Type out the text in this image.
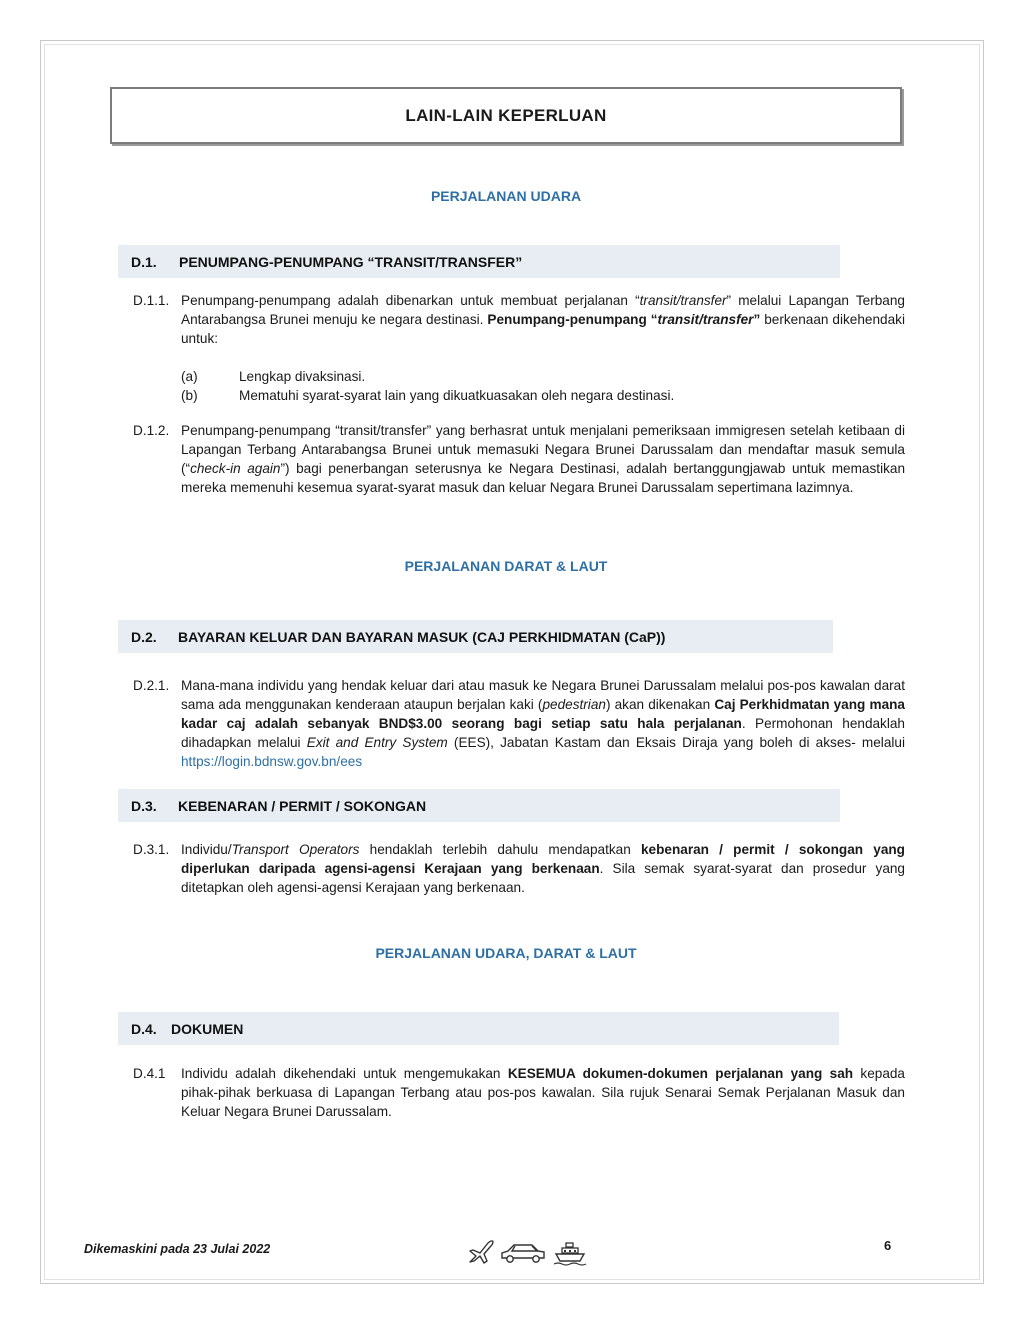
LAIN-LAIN KEPERLUAN
PERJALANAN UDARA
D.1.	PENUMPANG-PENUMPANG “TRANSIT/TRANSFER”
D.1.1. Penumpang-penumpang adalah dibenarkan untuk membuat perjalanan “transit/transfer” melalui Lapangan Terbang Antarabangsa Brunei menuju ke negara destinasi. Penumpang-penumpang “transit/transfer” berkenaan dikehendaki untuk:
(a)	Lengkap divaksinasi.
(b)	Mematuhi syarat-syarat lain yang dikuatkuasakan oleh negara destinasi.
D.1.2. Penumpang-penumpang “transit/transfer” yang berhasrat untuk menjalani pemeriksaan immigresen setelah ketibaan di Lapangan Terbang Antarabangsa Brunei untuk memasuki Negara Brunei Darussalam dan mendaftar masuk semula (“check-in again”) bagi penerbangan seterusnya ke Negara Destinasi, adalah bertanggungjawab untuk memastikan mereka memenuhi kesemua syarat-syarat masuk dan keluar Negara Brunei Darussalam sepertimana lazimnya.
PERJALANAN DARAT & LAUT
D.2.	BAYARAN KELUAR DAN BAYARAN MASUK (CAJ PERKHIDMATAN (CaP))
D.2.1. Mana-mana individu yang hendak keluar dari atau masuk ke Negara Brunei Darussalam melalui pos-pos kawalan darat sama ada menggunakan kenderaan ataupun berjalan kaki (pedestrian) akan dikenakan Caj Perkhidmatan yang mana kadar caj adalah sebanyak BND$3.00 seorang bagi setiap satu hala perjalanan. Permohonan hendaklah dihadapkan melalui Exit and Entry System (EES), Jabatan Kastam dan Eksais Diraja yang boleh di akses- melalui https://login.bdnsw.gov.bn/ees
D.3.	KEBENARAN / PERMIT / SOKONGAN
D.3.1. Individu/Transport Operators hendaklah terlebih dahulu mendapatkan kebenaran / permit / sokongan yang diperlukan daripada agensi-agensi Kerajaan yang berkenaan. Sila semak syarat-syarat dan prosedur yang ditetapkan oleh agensi-agensi Kerajaan yang berkenaan.
PERJALANAN UDARA, DARAT & LAUT
D.4.	DOKUMEN
D.4.1 Individu adalah dikehendaki untuk mengemukakan KESEMUA dokumen-dokumen perjalanan yang sah kepada pihak-pihak berkuasa di Lapangan Terbang atau pos-pos kawalan. Sila rujuk Senarai Semak Perjalanan Masuk dan Keluar Negara Brunei Darussalam.
Dikemaskini pada 23 Julai 2022	6
